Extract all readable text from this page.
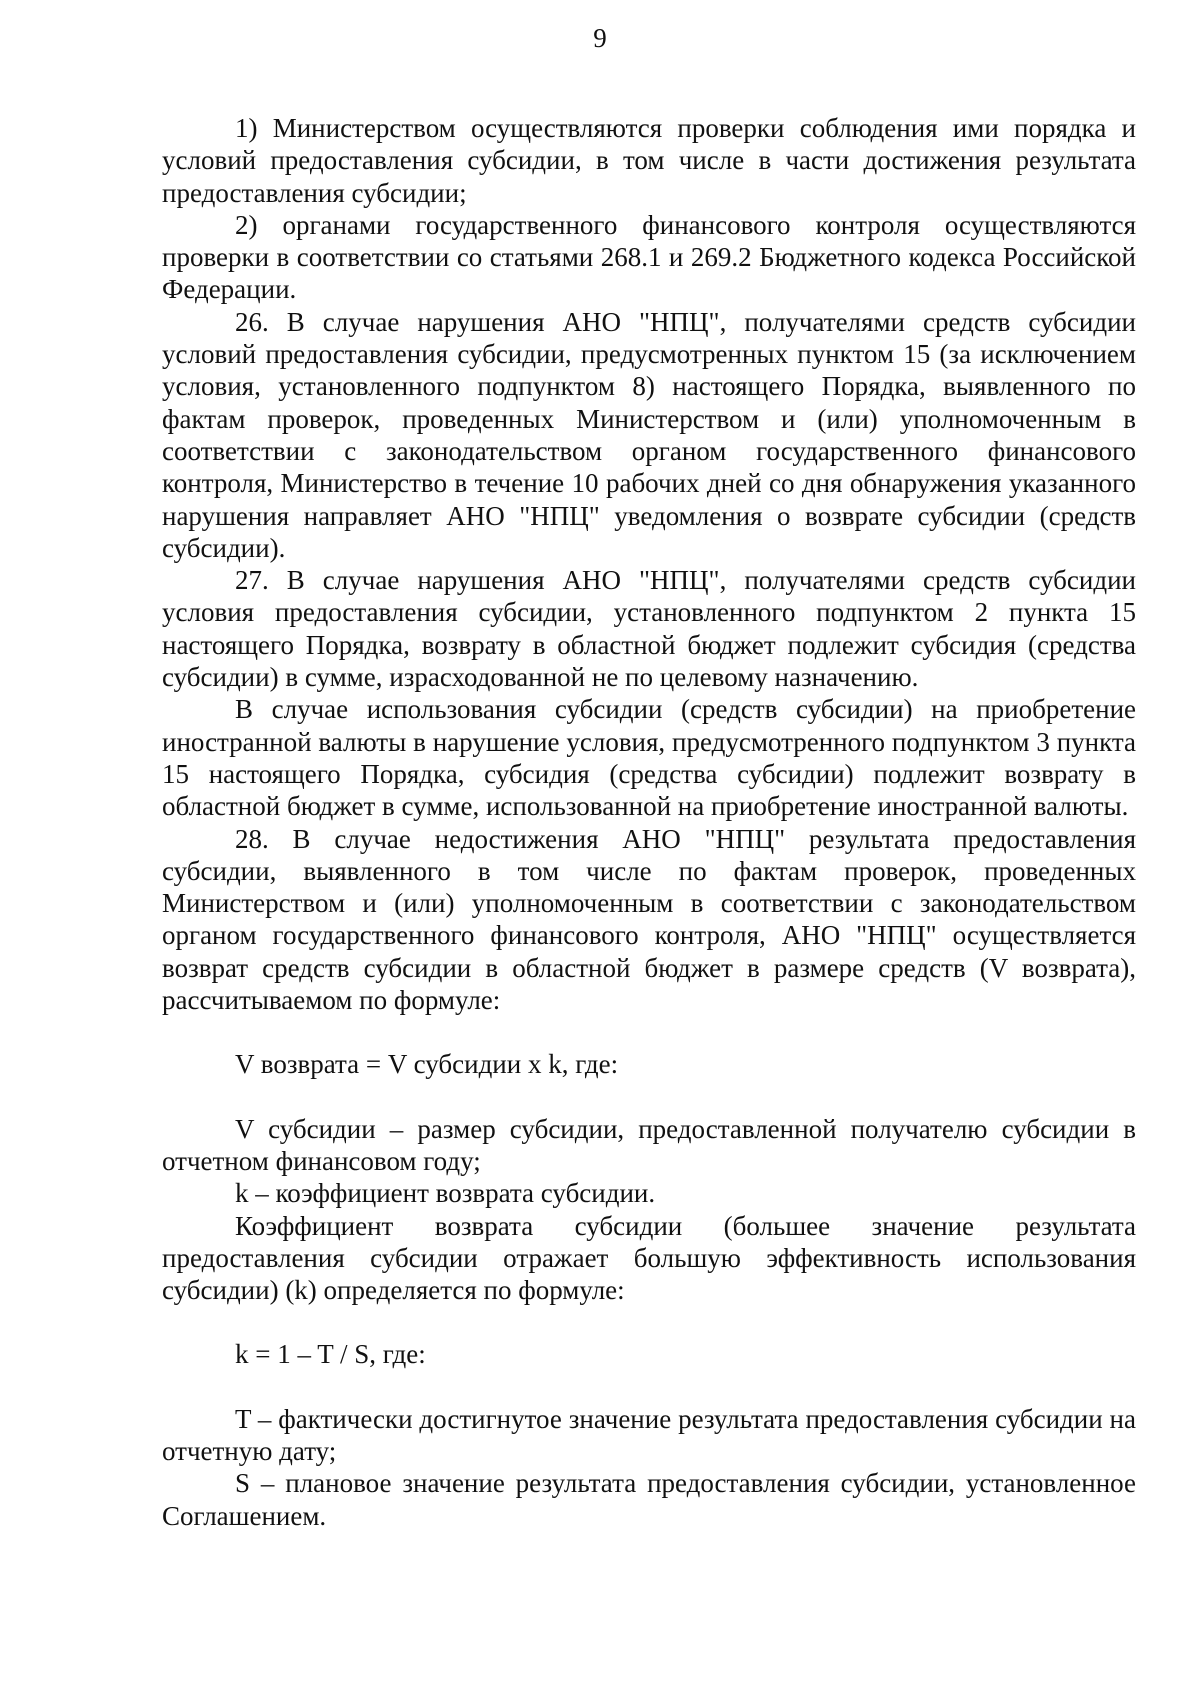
9

1) Министерством осуществляются проверки соблюдения ими порядка и условий предоставления субсидии, в том числе в части достижения результата предоставления субсидии;

2) органами государственного финансового контроля осуществляются проверки в соответствии со статьями 268.1 и 269.2 Бюджетного кодекса Российской Федерации.

26. В случае нарушения АНО "НПЦ", получателями средств субсидии условий предоставления субсидии, предусмотренных пунктом 15 (за исключением условия, установленного подпунктом 8) настоящего Порядка, выявленного по фактам проверок, проведенных Министерством и (или) уполномоченным в соответствии с законодательством органом государственного финансового контроля, Министерство в течение 10 рабочих дней со дня обнаружения указанного нарушения направляет АНО "НПЦ" уведомления о возврате субсидии (средств субсидии).

27. В случае нарушения АНО "НПЦ", получателями средств субсидии условия предоставления субсидии, установленного подпунктом 2 пункта 15 настоящего Порядка, возврату в областной бюджет подлежит субсидия (средства субсидии) в сумме, израсходованной не по целевому назначению.

В случае использования субсидии (средств субсидии) на приобретение иностранной валюты в нарушение условия, предусмотренного подпунктом 3 пункта 15 настоящего Порядка, субсидия (средства субсидии) подлежит возврату в областной бюджет в сумме, использованной на приобретение иностранной валюты.

28. В случае недостижения АНО "НПЦ" результата предоставления субсидии, выявленного в том числе по фактам проверок, проведенных Министерством и (или) уполномоченным в соответствии с законодательством органом государственного финансового контроля, АНО "НПЦ" осуществляется возврат средств субсидии в областной бюджет в размере средств (V возврата), рассчитываемом по формуле:

V возврата = V субсидии x k, где:

V субсидии – размер субсидии, предоставленной получателю субсидии в отчетном финансовом году;

k – коэффициент возврата субсидии.

Коэффициент возврата субсидии (большее значение результата предоставления субсидии отражает большую эффективность использования субсидии) (k) определяется по формуле:

k = 1 – T / S, где:

T – фактически достигнутое значение результата предоставления субсидии на отчетную дату;

S – плановое значение результата предоставления субсидии, установленное Соглашением.
